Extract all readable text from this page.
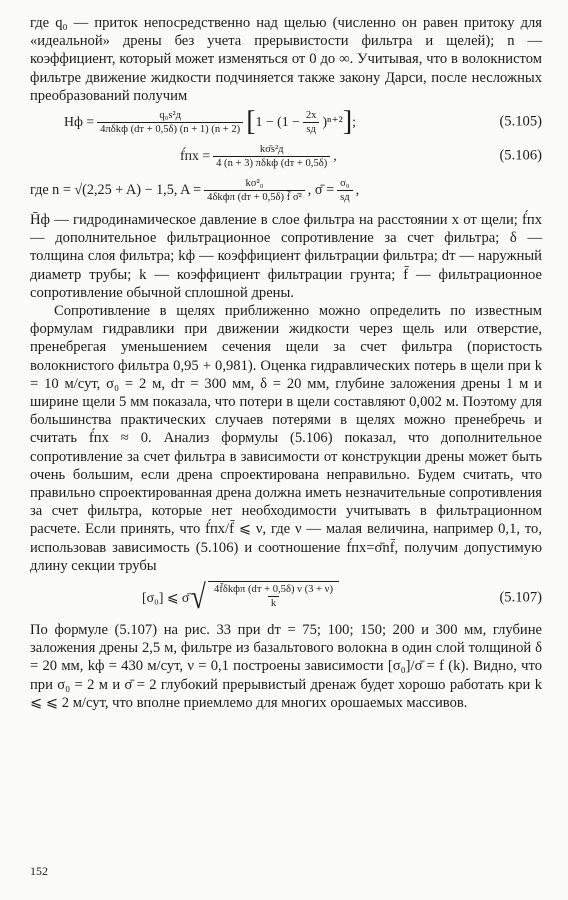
где q₀ — приток непосредственно над щелью (численно он равен притоку для «идеальной» дрены без учета прерывистости фильтра и щелей); n — коэффициент, который может изменяться от 0 до ∞. Учитывая, что в волокнистом фильтре движение жидкости подчиняется также закону Дарси, после несложных преобразований получим

Hф = $\frac{\text{q₀s²д}}{\text{4πδkф (dт + 0,5δ) (n + 1) (n + 2)}}$ [ $1 - (1 - \frac{2x}{sд} )^{n+2}$ ] ;	(5.105)
f́пх = $\frac{\text{kσ̄s²д}}{\text{4 (n + 3) πδkф (dт + 0,5δ)}}$ ,	(5.106)
где n = √(2,25 + A) − 1,5, $A = \frac{\text{kσ²₀}}{\text{4δkфπ (dт + 0,5δ) f̄ σ̄²}}$ , σ̄ = $\frac{\text{σ₀}}{sд}$ ,

H̄ф — гидродинамическое давление в слое фильтра на расстоянии x от щели; f́пх — дополнительное фильтрационное сопротивление за счет фильтра; δ — толщина слоя фильтра; kф — коэффициент фильтрации фильтра; dт — наружный диаметр трубы; k — коэффициент фильтрации грунта; f̄ — фильтрационное сопротивление обычной сплошной дрены.

Сопротивление в щелях приближенно можно определить по известным формулам гидравлики при движении жидкости через щель или отверстие, пренебрегая уменьшением сечения щели за счет фильтра (пористость волокнистого фильтра 0,95 + 0,981). Оценка гидравлических потерь в щели при k = 10 м/сут, σ₀ = 2 м, dт = 300 мм, δ = 20 мм, глубине заложения дрены 1 м и ширине щели 5 мм показала, что потери в щели составляют 0,002 м. Поэтому для большинства практических случаев потерями в щелях можно пренебречь и считать f́пх ≈ 0. Анализ формулы (5.106) показал, что дополнительное сопротивление за счет фильтра в зависимости от конструкции дрены может быть очень большим, если дрена спроектирована неправильно. Будем считать, что правильно спроектированная дрена должна иметь незначительные сопротивления за счет фильтра, которые нет необходимости учитывать в фильтрационном расчете. Если принять, что f́пх/f̄ ⩽ ν, где ν — малая величина, например 0,1, то, использовав зависимость (5.106) и соотношение f́пх=σ̄nf̄, получим допустимую длину секции трубы

[σ₀] ⩽ σ̄ √ $\frac{\text{4f̄δkфπ (dт + 0,5δ) ν (3 + ν)}}{k}$	(5.107)

По формуле (5.107) на рис. 33 при dт = 75; 100; 150; 200 и 300 мм, глубине заложения дрены 2,5 м, фильтре из базальтового волокна в один слой толщиной δ = 20 мм, kф = 430 м/сут, ν = 0,1 построены зависимости [σ₀]/σ̄ = f (k). Видно, что при σ₀ = 2 м и σ̄ = 2 глубокий прерывистый дренаж будет хорошо работать кри k ⩽ ⩽ 2 м/сут, что вполне приемлемо для многих орошаемых массивов.

152
